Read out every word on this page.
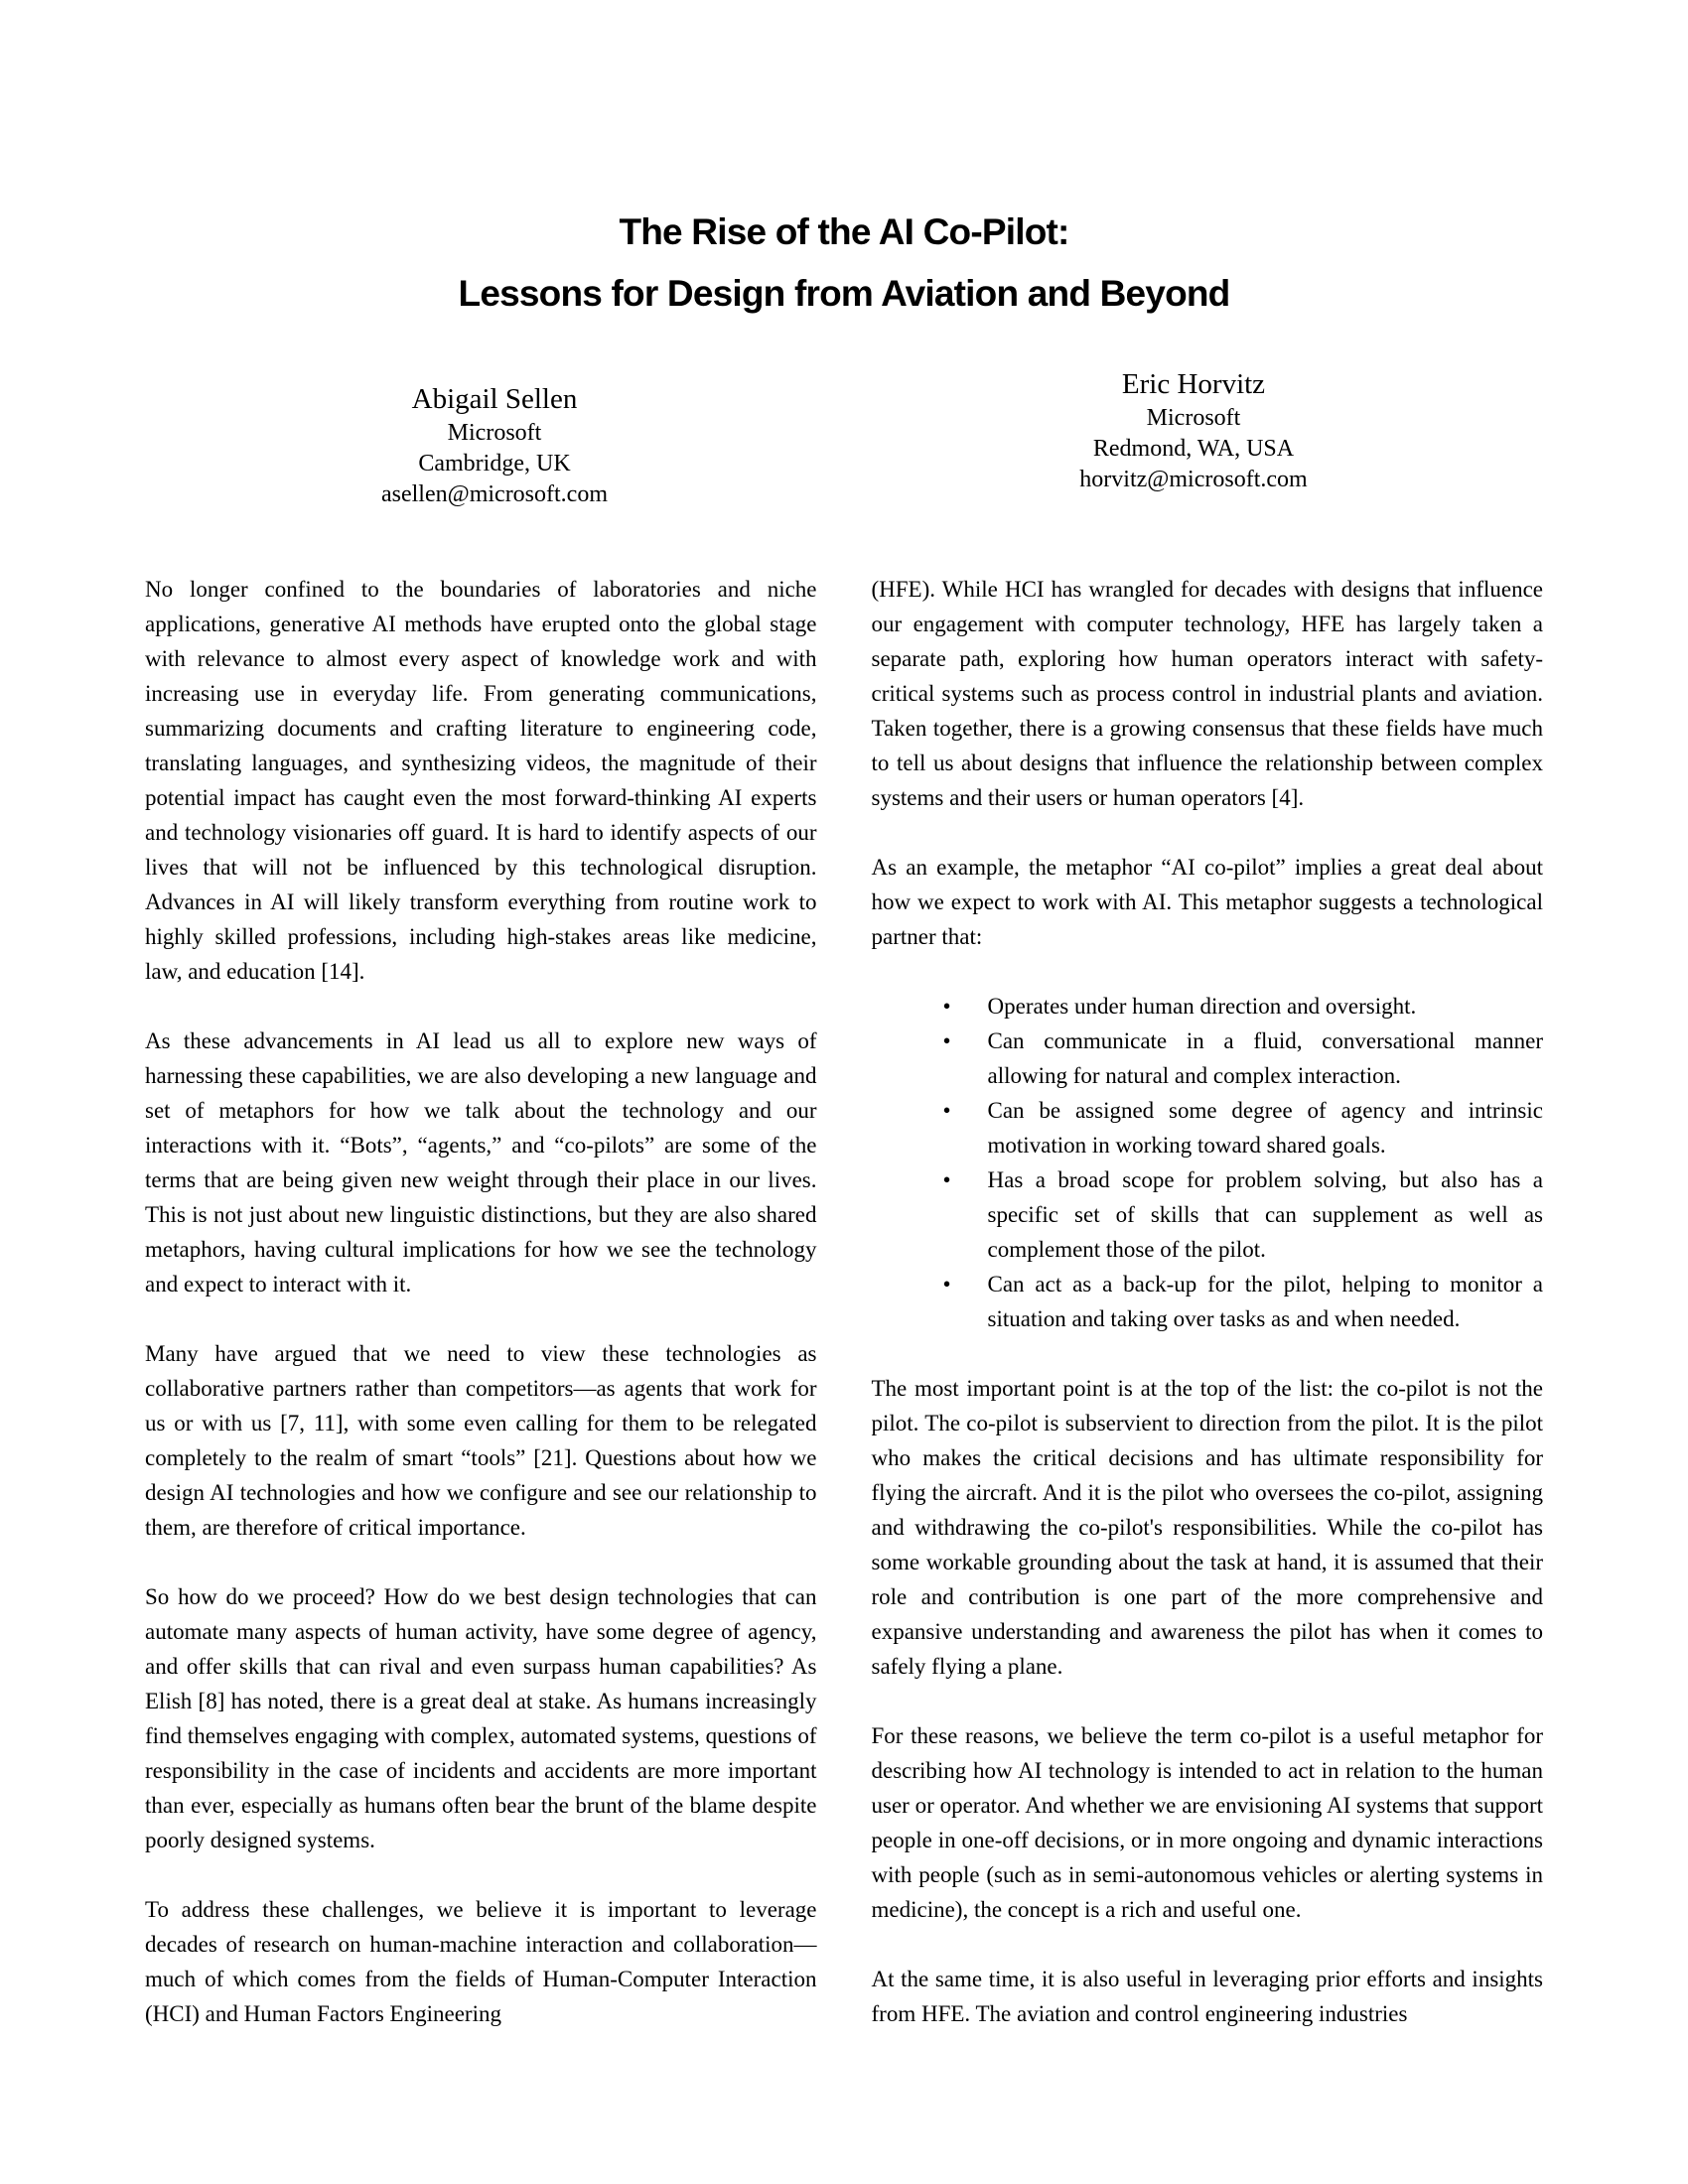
The Rise of the AI Co-Pilot:
Lessons for Design from Aviation and Beyond
Abigail Sellen
Microsoft
Cambridge, UK
asellen@microsoft.com
Eric Horvitz
Microsoft
Redmond, WA, USA
horvitz@microsoft.com

No longer confined to the boundaries of laboratories and niche applications, generative AI methods have erupted onto the global stage with relevance to almost every aspect of knowledge work and with increasing use in everyday life. From generating communications, summarizing documents and crafting literature to engineering code, translating languages, and synthesizing videos, the magnitude of their potential impact has caught even the most forward-thinking AI experts and technology visionaries off guard. It is hard to identify aspects of our lives that will not be influenced by this technological disruption. Advances in AI will likely transform everything from routine work to highly skilled professions, including high-stakes areas like medicine, law, and education [14].

As these advancements in AI lead us all to explore new ways of harnessing these capabilities, we are also developing a new language and set of metaphors for how we talk about the technology and our interactions with it. “Bots”, “agents,” and “co-pilots” are some of the terms that are being given new weight through their place in our lives. This is not just about new linguistic distinctions, but they are also shared metaphors, having cultural implications for how we see the technology and expect to interact with it.

Many have argued that we need to view these technologies as collaborative partners rather than competitors—as agents that work for us or with us [7, 11], with some even calling for them to be relegated completely to the realm of smart “tools” [21]. Questions about how we design AI technologies and how we configure and see our relationship to them, are therefore of critical importance.

So how do we proceed? How do we best design technologies that can automate many aspects of human activity, have some degree of agency, and offer skills that can rival and even surpass human capabilities? As Elish [8] has noted, there is a great deal at stake. As humans increasingly find themselves engaging with complex, automated systems, questions of responsibility in the case of incidents and accidents are more important than ever, especially as humans often bear the brunt of the blame despite poorly designed systems.

To address these challenges, we believe it is important to leverage decades of research on human-machine interaction and collaboration—much of which comes from the fields of Human-Computer Interaction (HCI) and Human Factors Engineering

(HFE). While HCI has wrangled for decades with designs that influence our engagement with computer technology, HFE has largely taken a separate path, exploring how human operators interact with safety-critical systems such as process control in industrial plants and aviation. Taken together, there is a growing consensus that these fields have much to tell us about designs that influence the relationship between complex systems and their users or human operators [4].

As an example, the metaphor “AI co-pilot” implies a great deal about how we expect to work with AI. This metaphor suggests a technological partner that:

•	Operates under human direction and oversight.
•	Can communicate in a fluid, conversational manner allowing for natural and complex interaction.
•	Can be assigned some degree of agency and intrinsic motivation in working toward shared goals.
•	Has a broad scope for problem solving, but also has a specific set of skills that can supplement as well as complement those of the pilot.
•	Can act as a back-up for the pilot, helping to monitor a situation and taking over tasks as and when needed.

The most important point is at the top of the list: the co-pilot is not the pilot. The co-pilot is subservient to direction from the pilot. It is the pilot who makes the critical decisions and has ultimate responsibility for flying the aircraft. And it is the pilot who oversees the co-pilot, assigning and withdrawing the co-pilot's responsibilities. While the co-pilot has some workable grounding about the task at hand, it is assumed that their role and contribution is one part of the more comprehensive and expansive understanding and awareness the pilot has when it comes to safely flying a plane.

For these reasons, we believe the term co-pilot is a useful metaphor for describing how AI technology is intended to act in relation to the human user or operator. And whether we are envisioning AI systems that support people in one-off decisions, or in more ongoing and dynamic interactions with people (such as in semi-autonomous vehicles or alerting systems in medicine), the concept is a rich and useful one.

At the same time, it is also useful in leveraging prior efforts and insights from HFE. The aviation and control engineering industries
